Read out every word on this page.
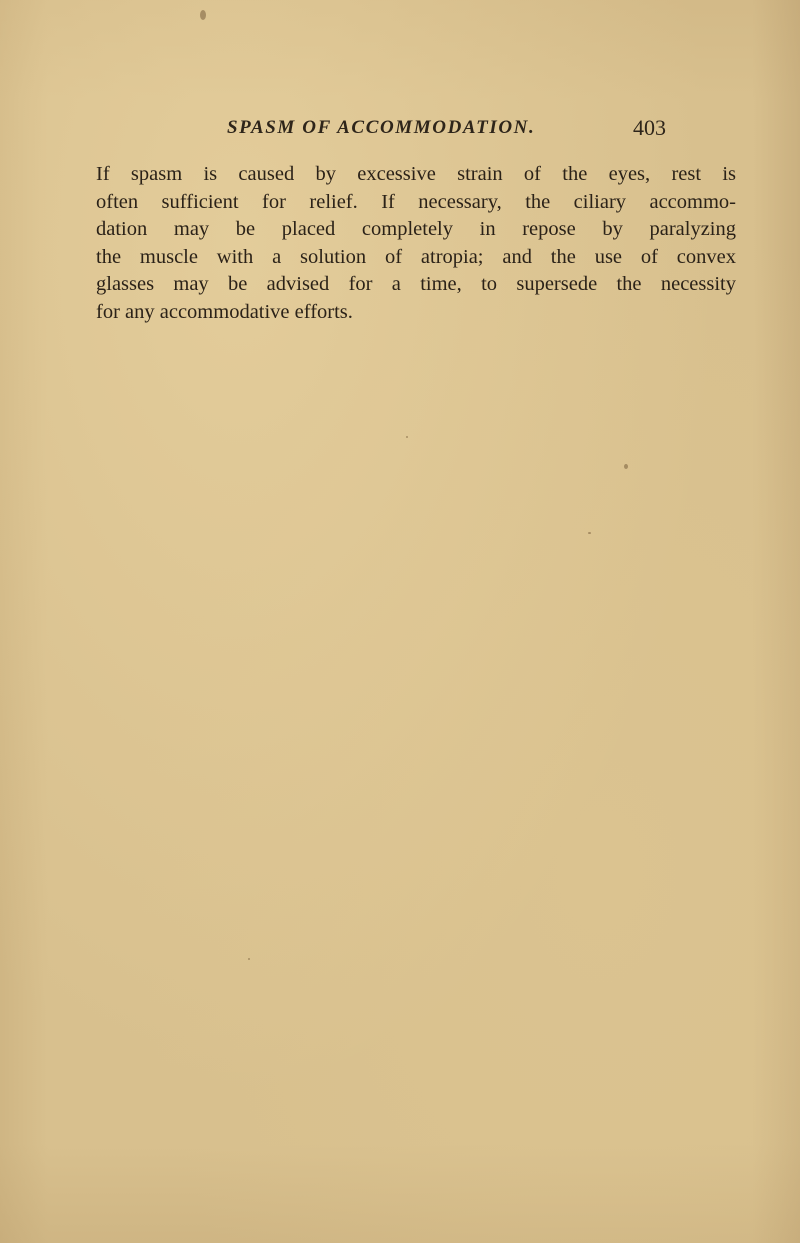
SPASM OF ACCOMMODATION.	403
If spasm is caused by excessive strain of the eyes, rest is
often sufficient for relief. If necessary, the ciliary accommo-
dation may be placed completely in repose by paralyzing
the muscle with a solution of atropia; and the use of convex
glasses may be advised for a time, to supersede the necessity
for any accommodative efforts.
